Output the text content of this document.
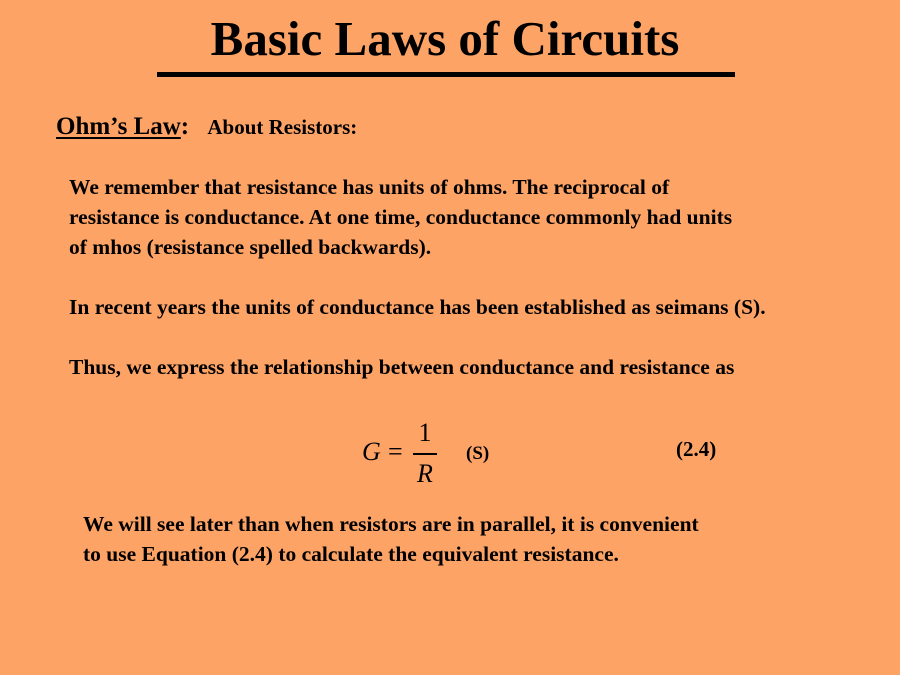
Basic Laws of Circuits
Ohm’s Law: About Resistors:
We remember that resistance has units of ohms. The reciprocal of
resistance is conductance. At one time, conductance commonly had units
of mhos (resistance spelled backwards).
In recent years the units of conductance has been established as seimans (S).
Thus, we express the relationship between conductance and resistance as
G =
1
R
(S)	(2.4)
We will see later than when resistors are in parallel, it is convenient
to use Equation (2.4) to calculate the equivalent resistance.
